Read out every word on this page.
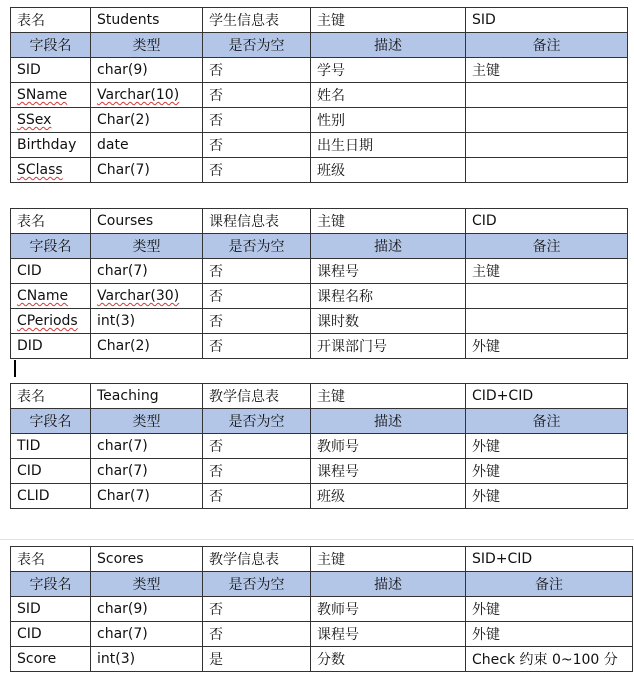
表名	Students	学生信息表	主键	SID
字段名	类型	是否为空	描述	备注
SID	char(9)	否	学号	主键
SName	Varchar(10)	否	姓名	
SSex	Char(2)	否	性别	
Birthday	date	否	出生日期	
SClass	Char(7)	否	班级	
表名	Courses	课程信息表	主键	CID
字段名	类型	是否为空	描述	备注
CID	char(7)	否	课程号	主键
CName	Varchar(30)	否	课程名称	
CPeriods	int(3)	否	课时数	
DID	Char(2)	否	开课部门号	外键
表名	Teaching	教学信息表	主键	CID+CID
字段名	类型	是否为空	描述	备注
TID	char(7)	否	教师号	外键
CID	char(7)	否	课程号	外键
CLID	Char(7)	否	班级	外键
表名	Scores	教学信息表	主键	SID+CID
字段名	类型	是否为空	描述	备注
SID	char(9)	否	教师号	外键
CID	char(7)	否	课程号	外键
Score	int(3)	是	分数	Check 约束 0~100 分
